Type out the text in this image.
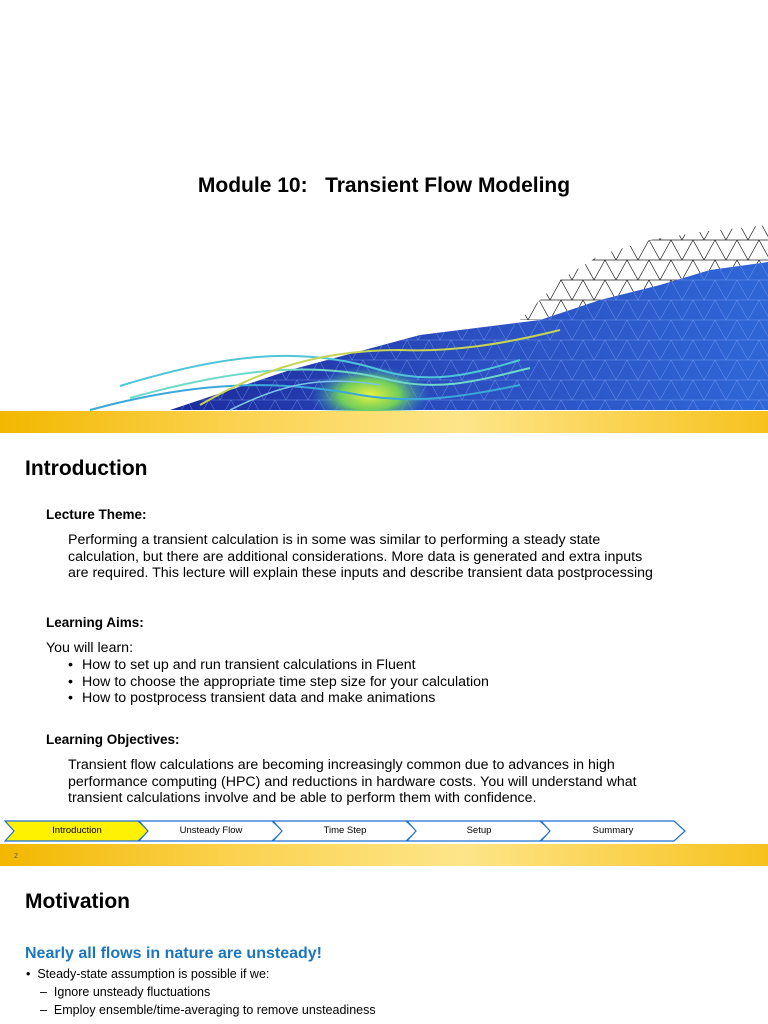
Module 10:   Transient Flow Modeling
Introduction
Lecture Theme:
Performing a transient calculation is in some was similar to performing a steady state
calculation, but there are additional considerations. More data is generated and extra inputs
are required. This lecture will explain these inputs and describe transient data postprocessing
Learning Aims:
You will learn:
• How to set up and run transient calculations in Fluent
• How to choose the appropriate time step size for your calculation
• How to postprocess transient data and make animations
Learning Objectives:
Transient flow calculations are becoming increasingly common due to advances in high
performance computing (HPC) and reductions in hardware costs. You will understand what
transient calculations involve and be able to perform them with confidence.
Introduction	Unsteady Flow	Time Step	Setup	Summary
2
Motivation
Nearly all flows in nature are unsteady!
•  Steady-state assumption is possible if we:
–  Ignore unsteady fluctuations
–  Employ ensemble/time-averaging to remove unsteadiness
